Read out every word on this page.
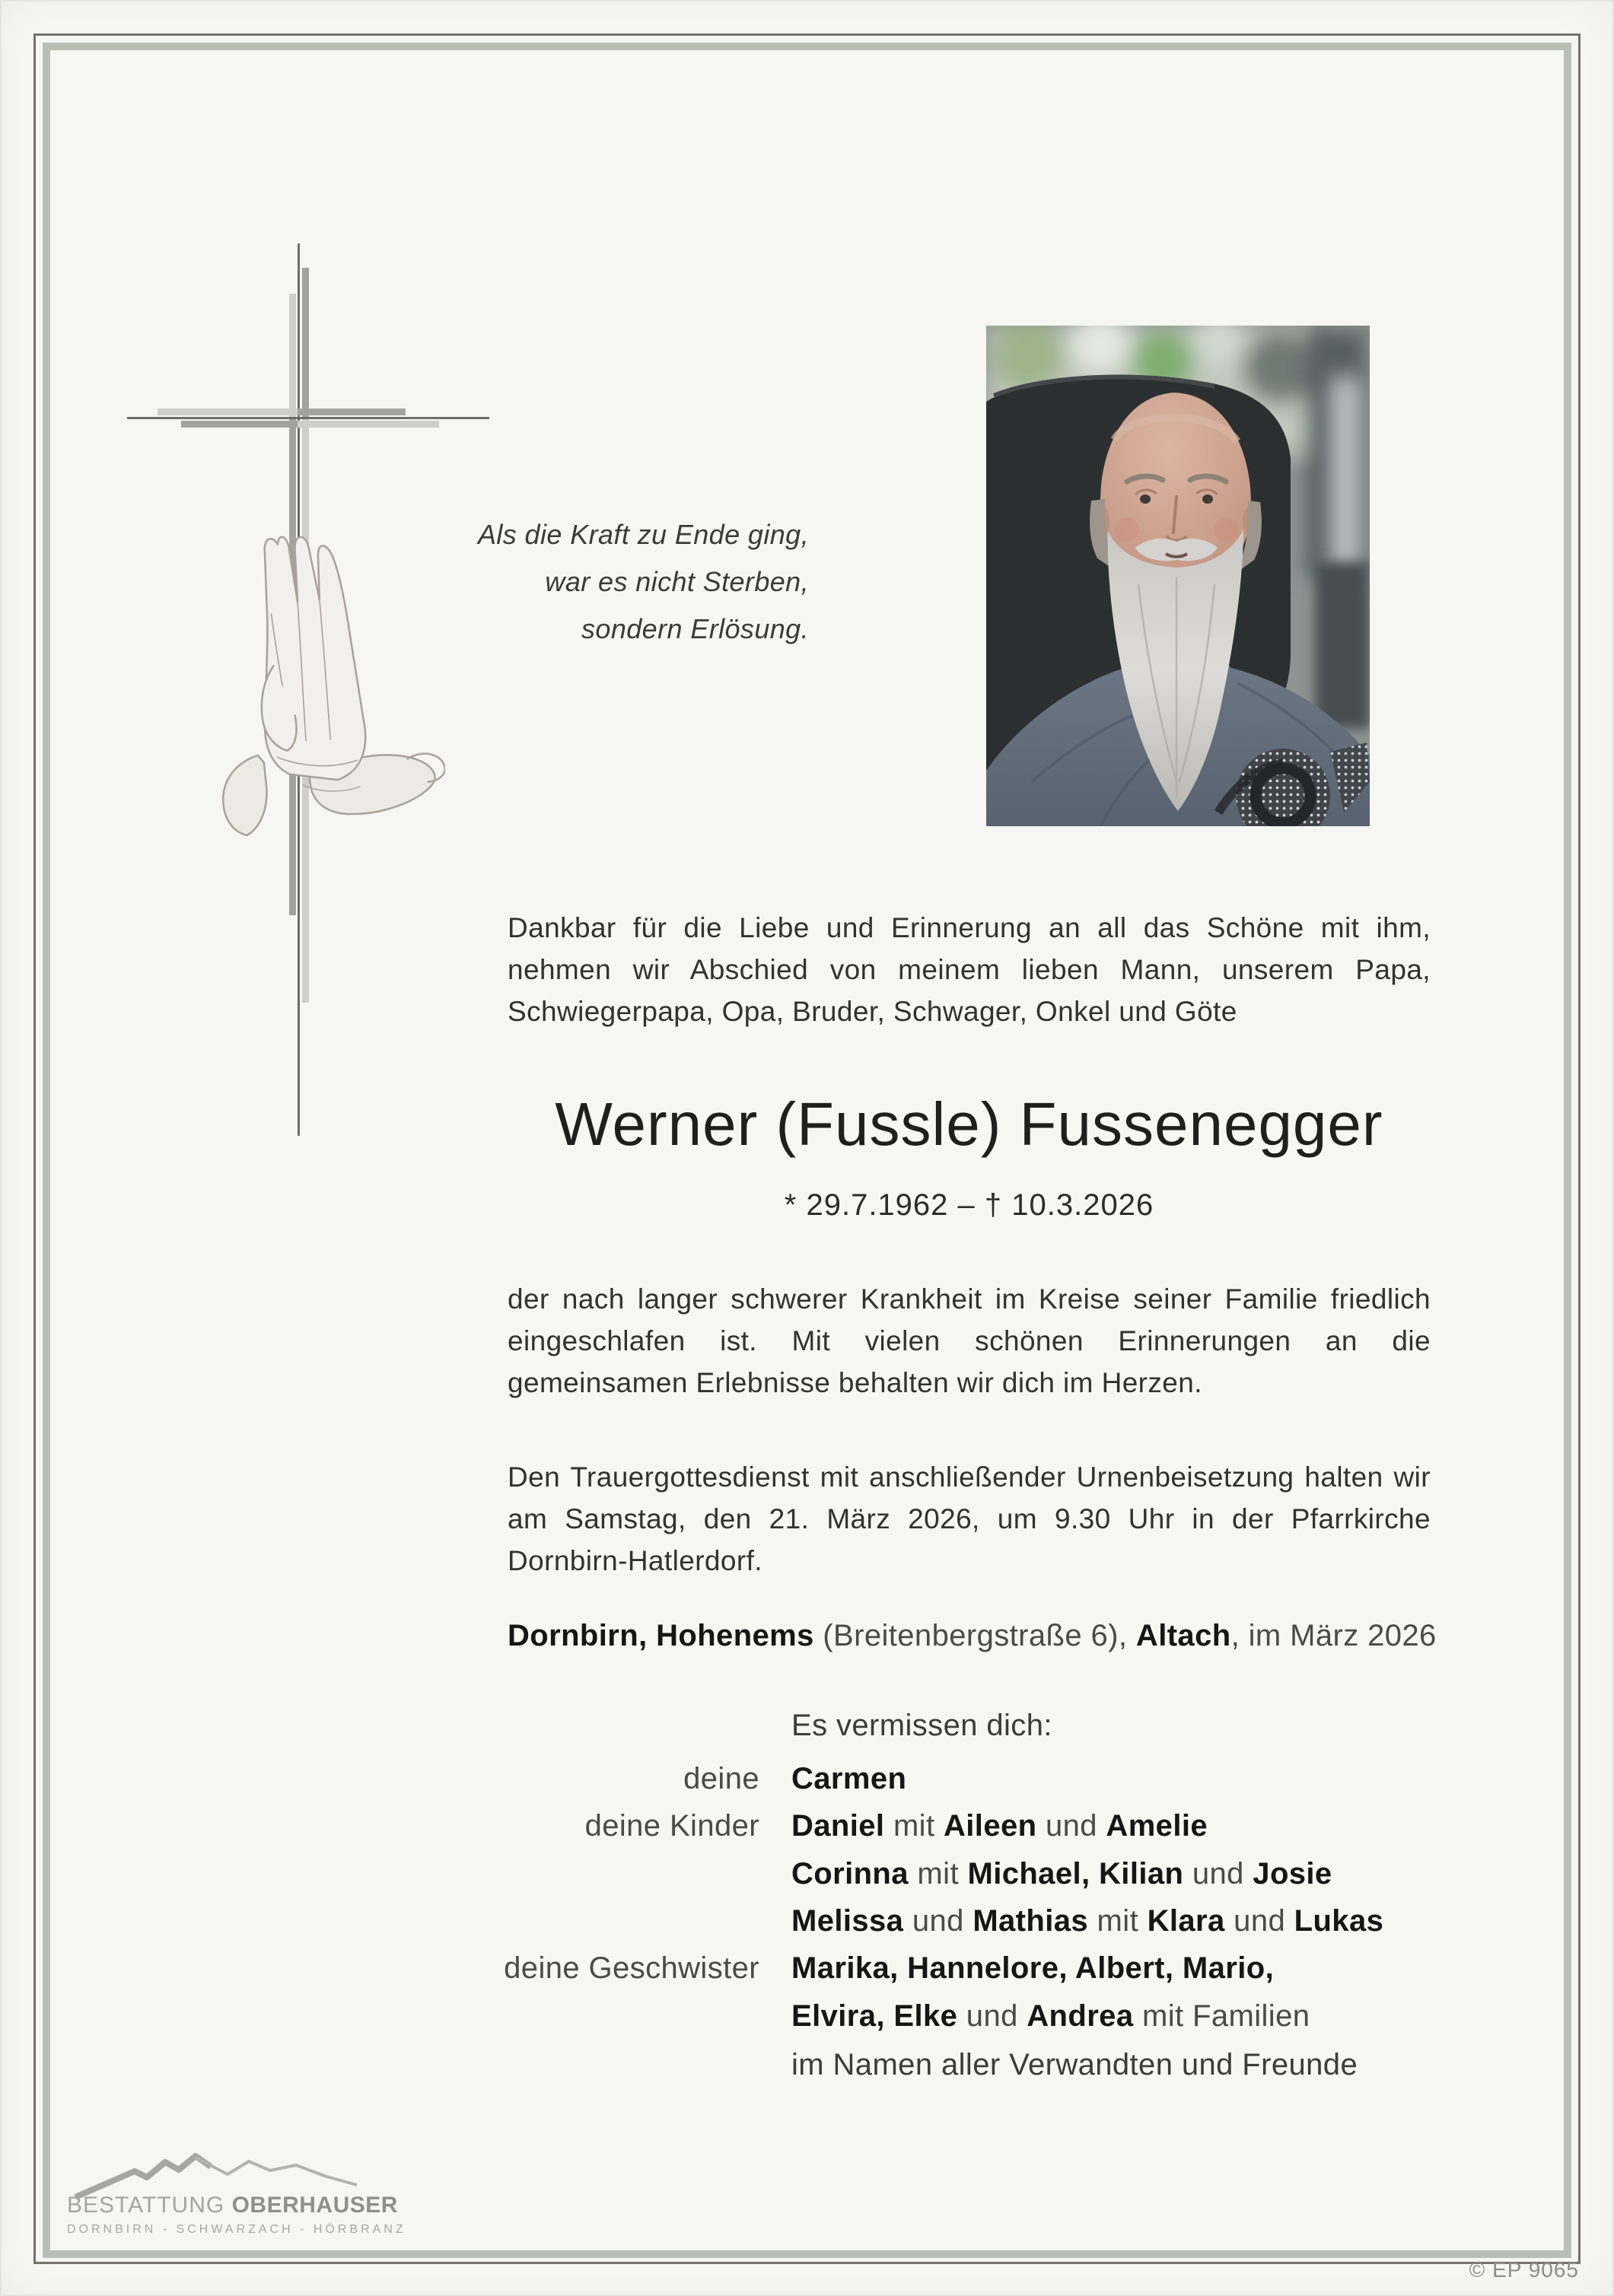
Als die Kraft zu Ende ging,
war es nicht Sterben,
sondern Erlösung.
Dankbar für die Liebe und Erinnerung an all das Schöne mit ihm, nehmen wir Abschied von meinem lieben Mann, unserem Papa, Schwiegerpapa, Opa, Bruder, Schwager, Onkel und Göte
Werner (Fussle) Fussenegger
* 29.7.1962 – † 10.3.2026
der nach langer schwerer Krankheit im Kreise seiner Familie friedlich eingeschlafen ist. Mit vielen schönen Erinnerungen an die gemeinsamen Erlebnisse behalten wir dich im Herzen.
Den Trauergottesdienst mit anschließender Urnenbeisetzung halten wir am Samstag, den 21. März 2026, um 9.30 Uhr in der Pfarrkirche Dornbirn-Hatlerdorf.
Dornbirn, Hohenems (Breitenbergstraße 6), Altach, im März 2026
Es vermissen dich:
deine Carmen
deine Kinder Daniel mit Aileen und Amelie
Corinna mit Michael, Kilian und Josie
Melissa und Mathias mit Klara und Lukas
deine Geschwister Marika, Hannelore, Albert, Mario,
Elvira, Elke und Andrea mit Familien
im Namen aller Verwandten und Freunde
BESTATTUNG OBERHAUSER
DORNBIRN - SCHWARZACH - HÖRBRANZ
© EP 9065
